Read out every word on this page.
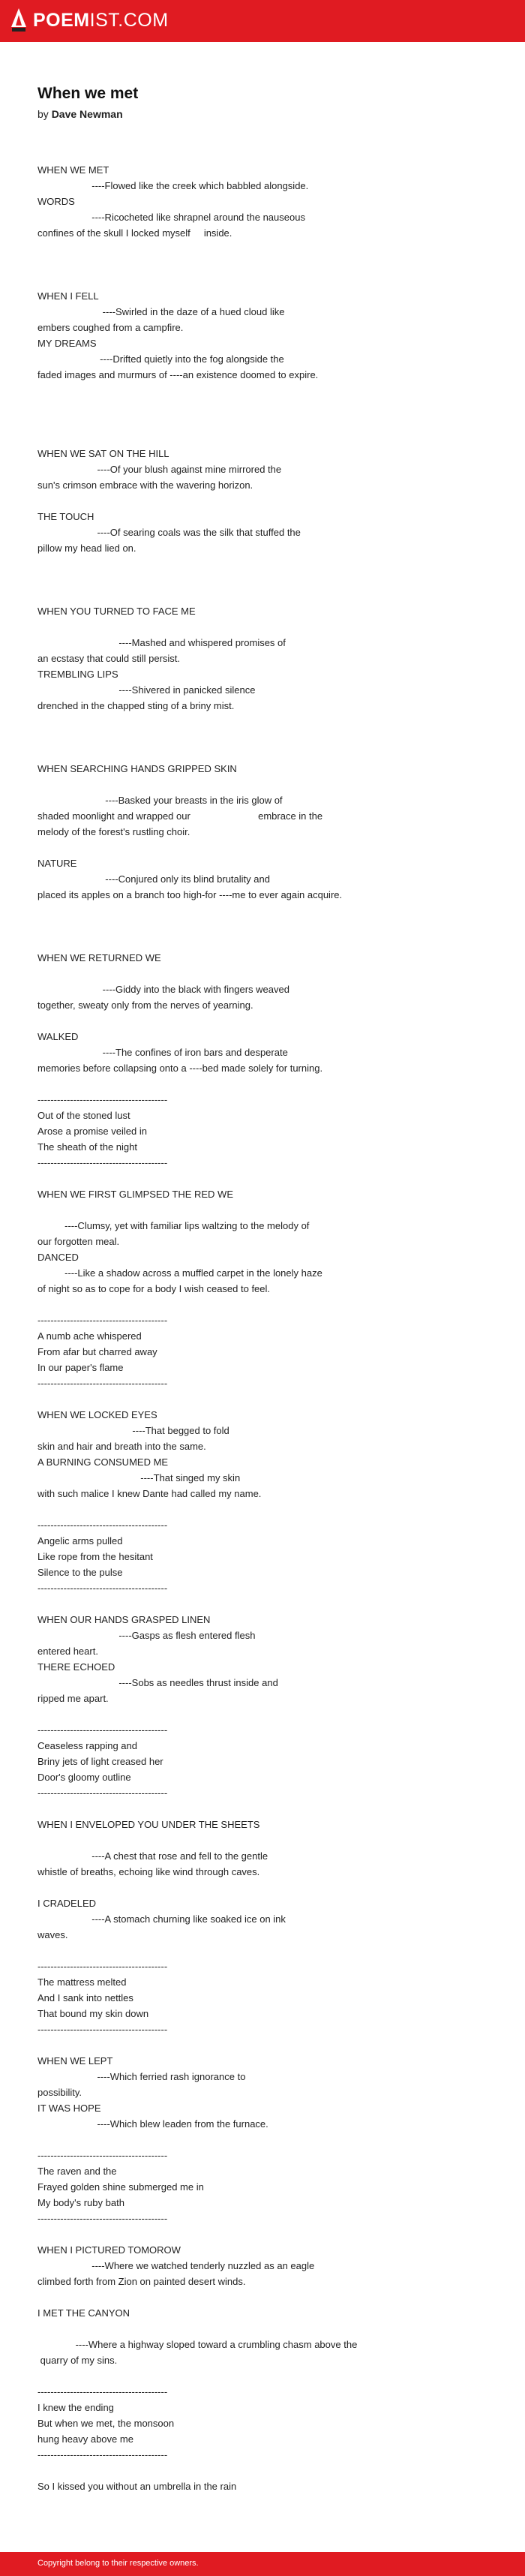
POEMIST.COM
When we met
by Dave Newman
WHEN WE MET
----Flowed like the creek which babbled alongside.
WORDS
----Ricocheted like shrapnel around the nauseous
confines of the skull I locked myself     inside.
WHEN I FELL
----Swirled in the daze of a hued cloud like
embers coughed from a campfire.
MY DREAMS
----Drifted quietly into the fog alongside the
faded images and murmurs of ----an existence doomed to expire.
WHEN WE SAT ON THE HILL
----Of your blush against mine mirrored the
sun's crimson embrace with the wavering horizon.
THE TOUCH
----Of searing coals was the silk that stuffed the
pillow my head lied on.
WHEN YOU TURNED TO FACE ME
----Mashed and whispered promises of
an ecstasy that could still persist.
TREMBLING LIPS
----Shivered in panicked silence
drenched in the chapped sting of a briny mist.
WHEN SEARCHING HANDS GRIPPED SKIN
----Basked your breasts in the iris glow of
shaded moonlight and wrapped our                         embrace in the
melody of the forest's rustling choir.
NATURE
----Conjured only its blind brutality and
placed its apples on a branch too high-for ----me to ever again acquire.
WHEN WE RETURNED WE
----Giddy into the black with fingers weaved
together, sweaty only from the nerves of yearning.
WALKED
----The confines of iron bars and desperate
memories before collapsing onto a ----bed made solely for turning.
----------------------------------------
Out of the stoned lust
Arose a promise veiled in
The sheath of the night
----------------------------------------
WHEN WE FIRST GLIMPSED THE RED WE
----Clumsy, yet with familiar lips waltzing to the melody of
our forgotten meal.
DANCED
----Like a shadow across a muffled carpet in the lonely haze
of night so as to cope for a body I wish ceased to feel.
----------------------------------------
A numb ache whispered
From afar but charred away
In our paper's flame
----------------------------------------
WHEN WE LOCKED EYES
----That begged to fold
skin and hair and breath into the same.
A BURNING CONSUMED ME
----That singed my skin
with such malice I knew Dante had called my name.
----------------------------------------
Angelic arms pulled
Like rope from the hesitant
Silence to the pulse
----------------------------------------
WHEN OUR HANDS GRASPED LINEN
----Gasps as flesh entered flesh
entered heart.
THERE ECHOED
----Sobs as needles thrust inside and
ripped me apart.
----------------------------------------
Ceaseless rapping and
Briny jets of light creased her
Door's gloomy outline
----------------------------------------
WHEN I ENVELOPED YOU UNDER THE SHEETS
----A chest that rose and fell to the gentle
whistle of breaths, echoing like wind through caves.
I CRADELED
----A stomach churning like soaked ice on ink
waves.
----------------------------------------
The mattress melted
And I sank into nettles
That bound my skin down
----------------------------------------
WHEN WE LEPT
----Which ferried rash ignorance to
possibility.
IT WAS HOPE
----Which blew leaden from the furnace.
----------------------------------------
The raven and the
Frayed golden shine submerged me in
My body's ruby bath
----------------------------------------
WHEN I PICTURED TOMOROW
----Where we watched tenderly nuzzled as an eagle
climbed forth from Zion on painted desert winds.
I MET THE CANYON
----Where a highway sloped toward a crumbling chasm above the
quarry of my sins.
----------------------------------------
I knew the ending
But when we met, the monsoon
hung heavy above me
----------------------------------------
So I kissed you without an umbrella in the rain
Copyright belong to their respective owners.
